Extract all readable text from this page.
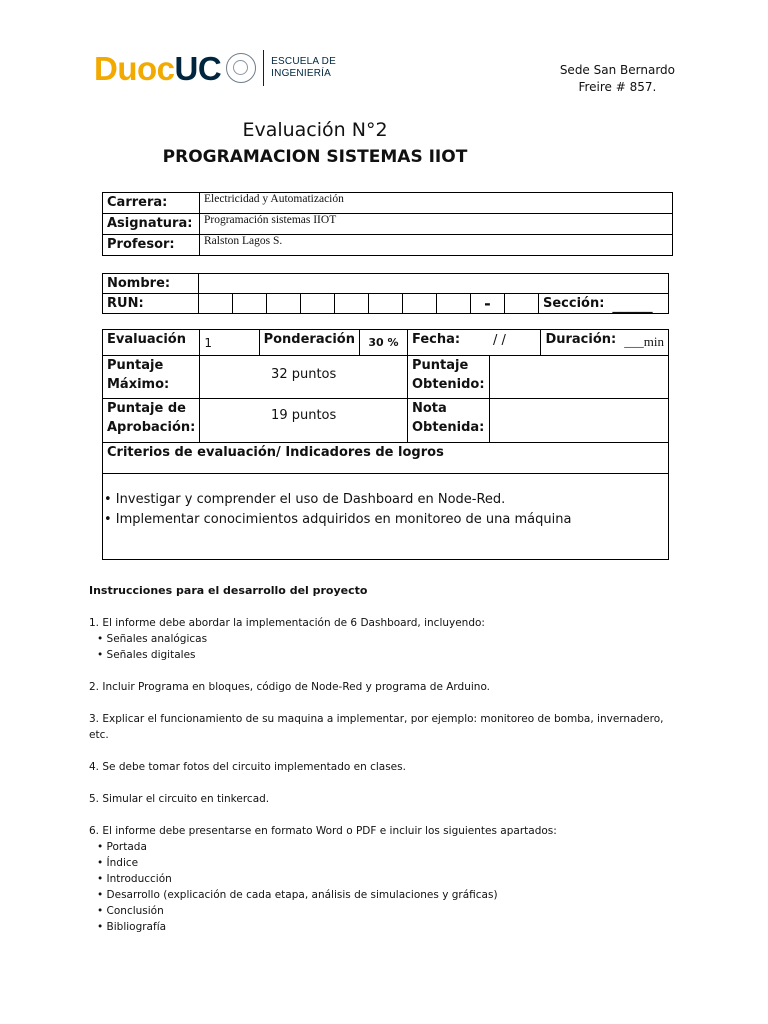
Duoc UC	ESCUELA DE
INGENIERÍA	Sede San Bernardo
Freire # 857.
Evaluación N°2
PROGRAMACION SISTEMAS IIOT
Carrera:	Electricidad y Automatización
Asignatura:	Programación sistemas IIOT
Profesor:	Ralston Lagos S.
Nombre:												
RUN:									-		Sección:	_____
Evaluación	1	Ponderación	30 %	Fecha:	/ /	Duración:	___min
Puntaje
Máximo:	32 puntos			Puntaje
Obtenido:			
Puntaje de
Aprobación:	19 puntos			Nota
Obtenida:			
Criterios de evaluación/ Indicadores de logros							

• Investigar y comprender el uso de Dashboard en Node-Red.
• Implementar conocimientos adquiridos en monitoreo de una máquina							
Instrucciones para el desarrollo del proyecto
1. El informe debe abordar la implementación de 6 Dashboard, incluyendo:
• Señales analógicas
• Señales digitales
2. Incluir Programa en bloques, código de Node-Red y programa de Arduino.
3. Explicar el funcionamiento de su maquina a implementar, por ejemplo: monitoreo de bomba, invernadero,
etc.
4. Se debe tomar fotos del circuito implementado en clases.
5. Simular el circuito en tinkercad.
6. El informe debe presentarse en formato Word o PDF e incluir los siguientes apartados:
• Portada
• Índice
• Introducción
• Desarrollo (explicación de cada etapa, análisis de simulaciones y gráficas)
• Conclusión
• Bibliografía
